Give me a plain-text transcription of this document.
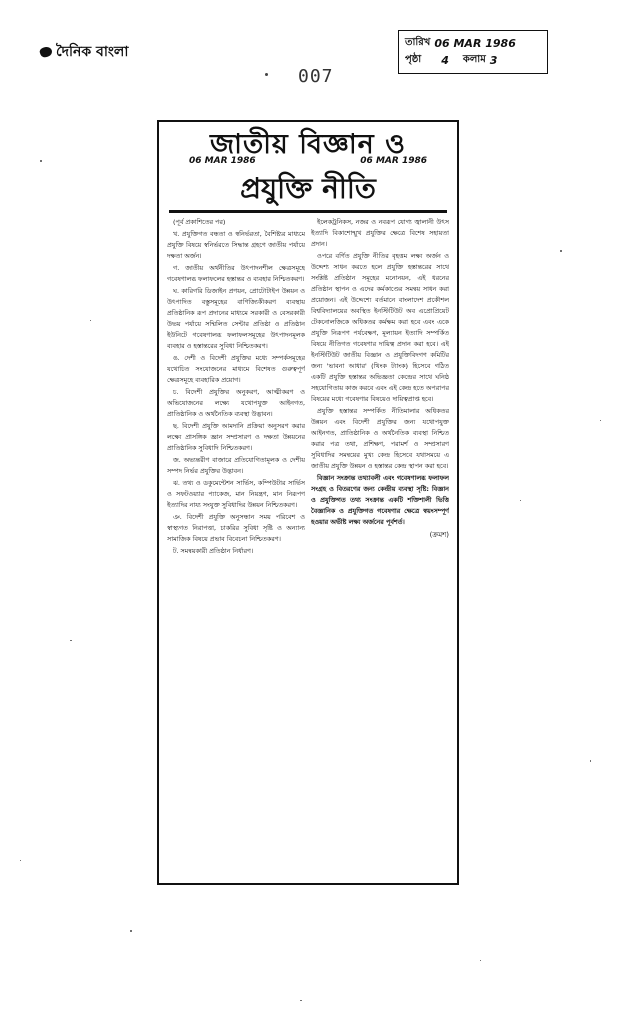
দৈনিক বাংলা
007
তারিখ 06 MAR 1986
পৃষ্ঠা 4 কলাম 3
জাতীয় বিজ্ঞান ও
06 MAR 1986	06 MAR 1986
প্রযুক্তি নীতি

(পূর্ব প্রকাশিতের পর)

খ. প্রযুক্তিগত বন্ধতা ও স্বনির্ভরতা, বৈশিষ্ট্যর মাধ্যমে প্রযুক্তি বিষয়ে স্বনির্ভরতে সিদ্ধান্ত গ্রহণে জাতীয় পর্যায়ে দক্ষতা অর্জন।

গ. জাতীয় অর্থনীতির উৎপাদনশীল ক্ষেত্রসমূহে গবেষণালব্ধ ফলাফলের হস্তান্তর ও ব্যবহার নিশ্চিতকরণ।

ঘ. কারিগরি ডিজাইন প্রণয়ন, প্রোটোটাইপ উন্নয়ন ও উৎপাদিত বস্তুসমূহের বাণিজ্যিকীকরণ ব্যবস্থায় প্রতিষ্ঠানিক রূপ প্রদানের মাধ্যমে সরকারী ও বেসরকারী উভয় পর্যায়ে সম্মিলিত সেন্টার প্রতিষ্ঠা ও প্রতিষ্ঠান ইউনিটে গবেষণালব্ধ ফলাফলসমূহের উৎপাদনমূলক ব্যবহার ও হস্তান্তরের সুবিধা নিশ্চিতকরণ।

ঙ. দেশী ও বিদেশী প্রযুক্তির মধ্যে সম্পর্কসমূহের যথোচিত সংযোজনের মাধ্যমে বিশেষত গুরুত্বপূর্ণ ক্ষেত্রসমূহে ব্যবহারিক প্রয়োগ।

চ. বিদেশী প্রযুক্তির অনুকরণ, আত্মীকরণ ও অভিযোজনের লক্ষ্যে যথোপযুক্ত আইনগত, প্রাতিষ্ঠানিক ও অর্থনৈতিক ব্যবস্থা উদ্ভাবন।

ছ. বিদেশী প্রযুক্তি আমদানি প্রক্রিয়া অনুসরণ করার লক্ষ্যে প্রাসঙ্গিক জ্ঞান সম্প্রসারণ ও দক্ষতা উন্নয়নের প্রাতিষ্ঠানিক সুবিধাদি নিশ্চিতকরণ।

জ. অভ্যন্তরীণ বাজারে প্রতিযোগিতামূলক ও দেশীয় সম্পদ নির্ভর প্রযুক্তির উদ্ভাবন।

ঝ. তথ্য ও ডকুমেন্টেশন সার্ভিস, কম্পিউটার সার্ভিস ও সফটওয়্যার প্যাকেজ, মান নিয়ন্ত্রণ, মান নিরূপণ ইত্যাদির নায্য সংযুক্ত সুবিধাদির উন্নয়ন নিশ্চিতকরণ।

ঞ. বিদেশী প্রযুক্তি অনুসন্ধান সময় পরিবেশ ও স্বাস্থ্যগত নিরাপত্তা, চাকরির সুবিধা সৃষ্টি ও অন্যান্য সামাজিক বিষয়ে প্রভাব বিবেচনা নিশ্চিতকরণ।

ট. সমন্বয়কারী প্রতিষ্ঠান নির্ধারণ।

ইলেকট্রনিকস, নজর ও নবরূপ যোগ্য জ্বালানী উৎস ইত্যাদি বিকাশোন্মুখ প্রযুক্তির ক্ষেত্রে বিশেষ সহায়তা প্রদান।

ওপরে বর্ণিত প্রযুক্তি নীতির বৃহত্তম লক্ষ্য অর্জন ও উদ্দেশ্য সাধন করতে হলে প্রযুক্তি হস্তান্তরের সাথে সংশ্লিষ্ট প্রতিষ্ঠান সমূহের মনোনয়ন, এই ধরনের প্রতিষ্ঠান স্থাপন ও এদের কর্মকাণ্ডের সমন্বয় সাধন করা প্রয়োজন। এই উদ্দেশ্যে বর্তমানে বাংলাদেশ প্রকৌশল বিশ্ববিদ্যালয়ের অবস্থিত ইনস্টিটিউট অব এপ্রোপ্রিয়েট টেকনোলজিকে অধিকতর কর্মক্ষম করা হবে এবং একে প্রযুক্তি নিরূপণ পর্যবেক্ষণ, মূল্যায়ন ইত্যাদি সম্পর্কিত বিষয়ে নীতিগত গবেষণার দায়িত্ব প্রদান করা হবে। এই ইনস্টিটিউট জাতীয় বিজ্ঞান ও প্রযুক্তিবিদগণ কমিটির জন্য 'ভাবনা আধার' (থিংক ট্যাংক) হিসেবে গঠিত একটি প্রযুক্তি হস্তান্তর অভিজ্ঞতা কেন্দ্রের সাথে ঘনিষ্ঠ সহযোগিতায় কাজ করবে এবং এই কেন্দ্র হতে অপরাপর বিষয়ের মধ্যে গবেষণার বিষয়েও দায়িত্বপ্রাপ্ত হবে।

প্রযুক্তি হস্তান্তর সম্পর্কিত নীতিমালার অধিকতর উন্নয়ন এবং বিদেশী প্রযুক্তির জন্য যথোপযুক্ত আইনগত, প্রাতিষ্ঠানিক ও অর্থনৈতিক ব্যবস্থা নিশ্চিত করার পত্র তথা, প্রশিক্ষণ, পরামর্শ ও সম্প্রসারণ সুবিধাদির সমন্বয়ের মুখ্য কেন্দ্র হিসেবে যথাসময়ে এ জাতীয় প্রযুক্তি উন্নয়ন ও হস্তান্তর কেন্দ্র স্থাপন করা হবে।

বিজ্ঞান সংক্রান্ত তথ্যাবলী এবং গবেষণালব্ধ ফলাফল সংগ্রহ ও বিতরণের জন্য কেন্দ্রীয় ব্যবস্থা সৃষ্টি: বিজ্ঞান ও প্রযুক্তিগত তথ্য সংক্রান্ত একটি শক্তিশালী ভিত্তি বৈজ্ঞানিক ও প্রযুক্তিগত গবেষণার ক্ষেত্রে স্বয়ংসম্পূর্ণ হওয়ার অভীষ্ট লক্ষ্য অর্জনের পূর্বশর্ত।

(ক্রমশ)
